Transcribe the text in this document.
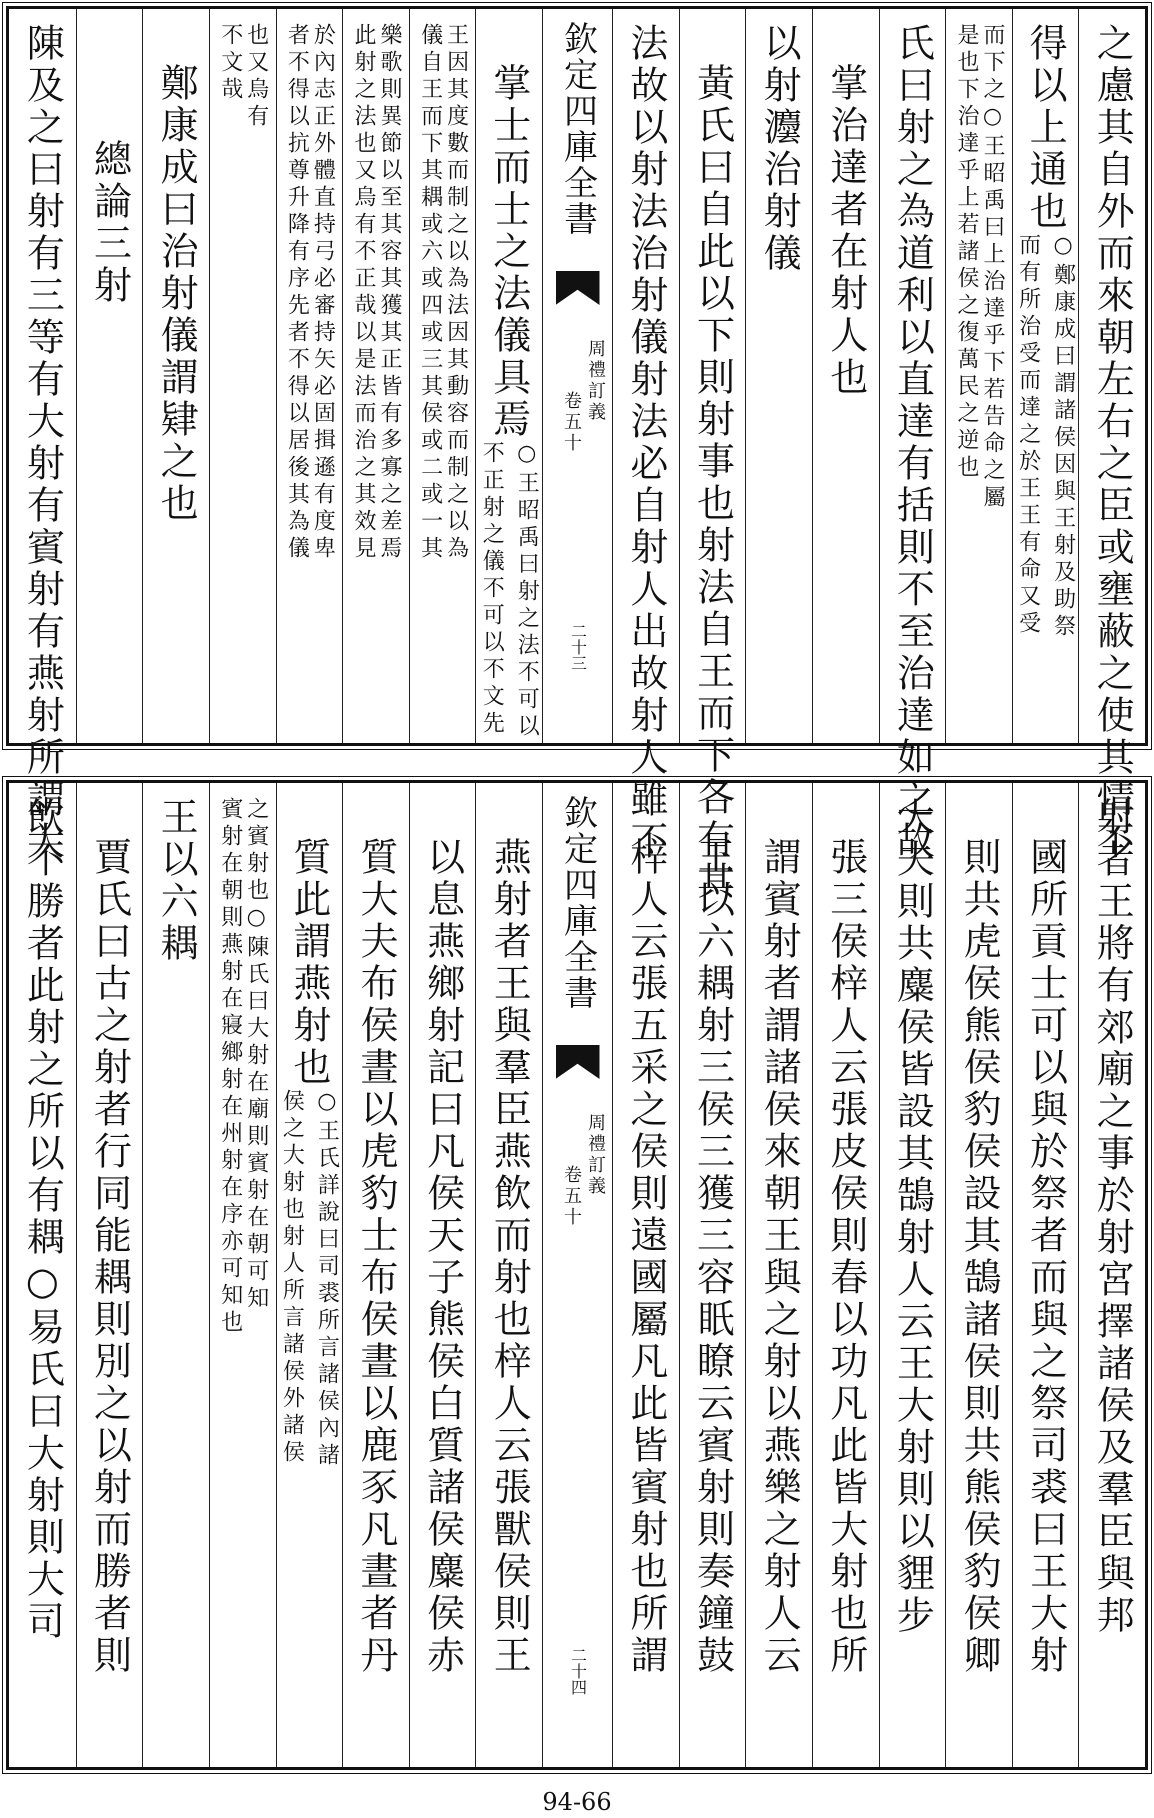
之慮其自外而來朝左右之臣或壅蔽之使其情不
得以上通也
○鄭康成曰謂諸侯因與王射及助祭
而有所治受而達之於王王有命又受
而下之○王昭禹曰上治達乎下若告命之屬
是也下治達乎上若諸侯之復萬民之逆也
氏曰射之為道利以直達有括則不至治達如之故
掌治達者在射人也
以射灋治射儀
黃氏曰自此以下則射事也射法自王而下各有其
法故以射法治射儀射法必自射人出故射人雖不
欽定四庫全書
周禮訂義
卷五十
二十三
掌士而士之法儀具焉
○王昭禹曰射之法不可以
不正射之儀不可以不文先
王因其度數而制之以為法因其動容而制之以為
儀自王而下其耦或六或四或三其侯或二或一其
樂歌則異節以至其容其獲其正皆有多寡之差焉
此射之法也又烏有不正哉以是法而治之其效見
於內志正外體直持弓必審持矢必固揖遜有度卑
者不得以抗尊升降有序先者不得以居後其為儀
也又烏有
不文哉
鄭康成曰治射儀謂肄之也
總論三射
陳及之曰射有三等有大射有賓射有燕射所謂大
射者王將有郊廟之事於射宮擇諸侯及羣臣與邦
國所貢士可以與於祭者而與之祭司裘曰王大射
則共虎侯熊侯豹侯設其鵠諸侯則共熊侯豹侯卿
大夫則共麋侯皆設其鵠射人云王大射則以貍步
張三侯梓人云張皮侯則春以功凡此皆大射也所
謂賓射者謂諸侯來朝王與之射以燕樂之射人云
王以六耦射三侯三獲三容眂瞭云賓射則奏鐘鼓
梓人云張五采之侯則遠國屬凡此皆賓射也所謂
欽定四庫全書
周禮訂義
卷五十
二十四
燕射者王與羣臣燕飲而射也梓人云張獸侯則王
以息燕鄉射記曰凡侯天子熊侯白質諸侯麋侯赤
質大夫布侯晝以虎豹士布侯晝以鹿豕凡晝者丹
質此謂燕射也
○王氏詳說曰司裘所言諸侯內諸
侯之大射也射人所言諸侯外諸侯
之賓射也○陳氏曰大射在廟則賓射在朝可知
賓射在朝則燕射在寢鄉射在州射在序亦可知也
王以六耦
賈氏曰古之射者行同能耦則別之以射而勝者則
飲不勝者此射之所以有耦○易氏曰大射則大司
94-66
